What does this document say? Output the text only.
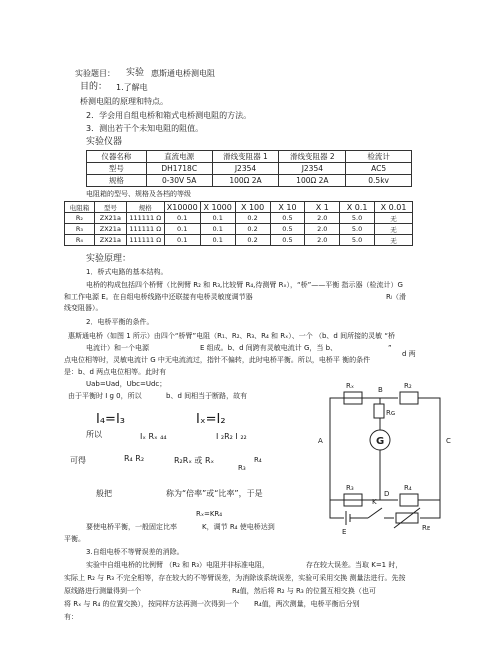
实验题目： 实验 惠斯通电桥测电阻
目的： 1.了解电
桥测电阻的原理和特点。
2．学会用自组电桥和箱式电桥测电阻的方法。
3．测出若干个未知电阻的阻值。
实验仪器
仪器名称	直流电源	滑线变阻器 1	滑线变阻器 2	检流计
型号	DH1718C	J2354	J2354	AC5
规格	0-30V 5A	100Ω 2A	100Ω 2A	0.5kv
电阻箱的型号、规格及各档的等级
电阻箱	型号	规格	X10000	X 1000	X 100	X 10	X 1	X 0.1	X 0.01
R₂	ZX21a	111111 Ω	0.1	0.1	0.2	0.5	2.0	5.0	无
R₃	ZX21a	111111 Ω	0.1	0.1	0.2	0.5	2.0	5.0	无
R₄	ZX21a	111111 Ω	0.1	0.1	0.2	0.5	2.0	5.0	无
实验原理：
1．桥式电路的基本结构。
电桥的构成包括四个桥臂（比例臂 R₂ 和 R₃,比较臂 R₄,待测臂 Rₓ），“桥”——平衡 指示器（检流计）G
和工作电源 E。在自组电桥线路中还联接有电桥灵敏度调节器	Rₗ（滑
线变阻器）。
2．电桥平衡的条件。
惠斯通电桥（如图 1 所示）由四个“桥臂”电阻（R₁、R₂、R₃、R₄ 和 Rₓ）、一个 （b、d 间所接的灵敏 “桥
电流计）和一个电源	E 组成。b、d 间跨有灵敏电流计 G，当 b、	”
点电位相等时，灵敏电流计 G 中无电流流过，指针不偏转，此时电桥平衡。所以，电桥平 衡的条件
d 两
是：b、d 两点电位相等。此时有
Uab=Uad，Ubc=Udc；
由于平衡时 I g 0，所以	b、d 间相当于断路，故有
I₄=I₃	Iₓ=I₂
所以	Iₓ Rₓ ₄₄	I ₂R₂ I ₂₂
可得	R₄ R₂	R₂Rₓ 或 Rₓ	R₄
R₃
般把	称为“倍率”或“比率”，于是
Rₓ=KR₄
要使电桥平衡，一般固定比率	K，调节 R₄ 使电桥达到
平衡。
3.自组电桥不等臂误差的消除。
实验中自组电桥的比例臂 （R₂ 和 R₃）电阻并非标准电阻，	存在较大误差。当取 K=1 时，
实际上 R₂ 与 R₃ 不完全相等，存在较大的不等臂误差，为消除该系统误差，实验可采用交换 测量法进行。先按
原线路进行测量得到一个	R₄值，然后将 R₂ 与 R₃ 的位置互相交换（也可
将 Rₓ 与 R₄ 的位置交换），按同样方法再测一次得到一个 R₄值，两次测量，电桥平衡后分别
有：
Rₓ	R₂
Rɢ
G
A
B
C
D
R₃	R₄
E
K
Rᴇ
